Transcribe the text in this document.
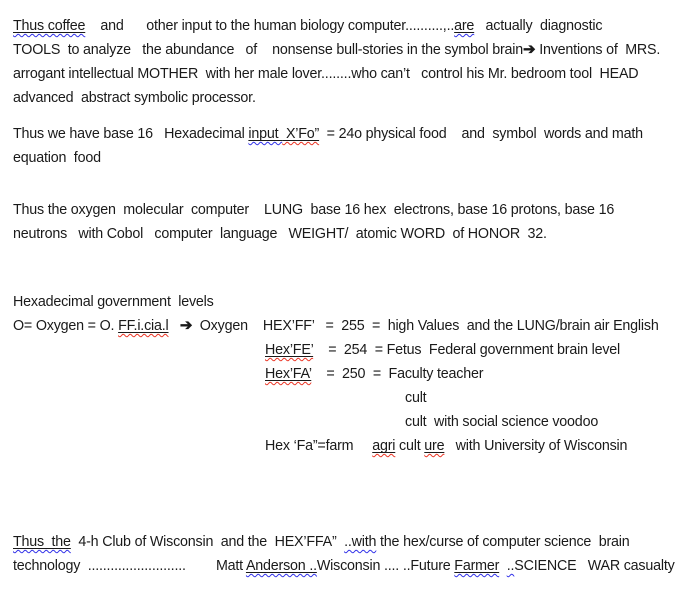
Thus coffee    and      other input to the human biology computer..........,..are   actually  diagnostic
TOOLS  to analyze   the abundance   of    nonsense bull-stories in the symbol brain➔ Inventions of  MRS.
arrogant intellectual MOTHER  with her male lover........who can’t   control his Mr. bedroom tool  HEAD
advanced  abstract symbolic processor.
Thus we have base 16   Hexadecimal input  X’Fo”  = 24o physical food    and  symbol  words and math
equation  food
Thus the oxygen  molecular  computer    LUNG  base 16 hex  electrons, base 16 protons, base 16
neutrons   with Cobol   computer  language   WEIGHT/  atomic WORD  of HONOR  32.
Hexadecimal government  levels
O= Oxygen = O. FF.i.cia.l ➔  Oxygen    HEX’FF’   =  255  =  high Values  and the LUNG/brain air English
Hex’FE’    =  254  = Fetus  Federal government brain level
Hex’FA’    =  250  =  Faculty teacher
cult
cult  with social science voodoo
Hex ‘Fa”=farm     agri cult ure   with University of Wisconsin
Thus  the  4-h Club of Wisconsin  and the  HEX’FFA”  ..with the hex/curse of computer science  brain
technology  ..........................        Matt Anderson ..Wisconsin .... ..Future Farmer ..SCIENCE   WAR casualty
